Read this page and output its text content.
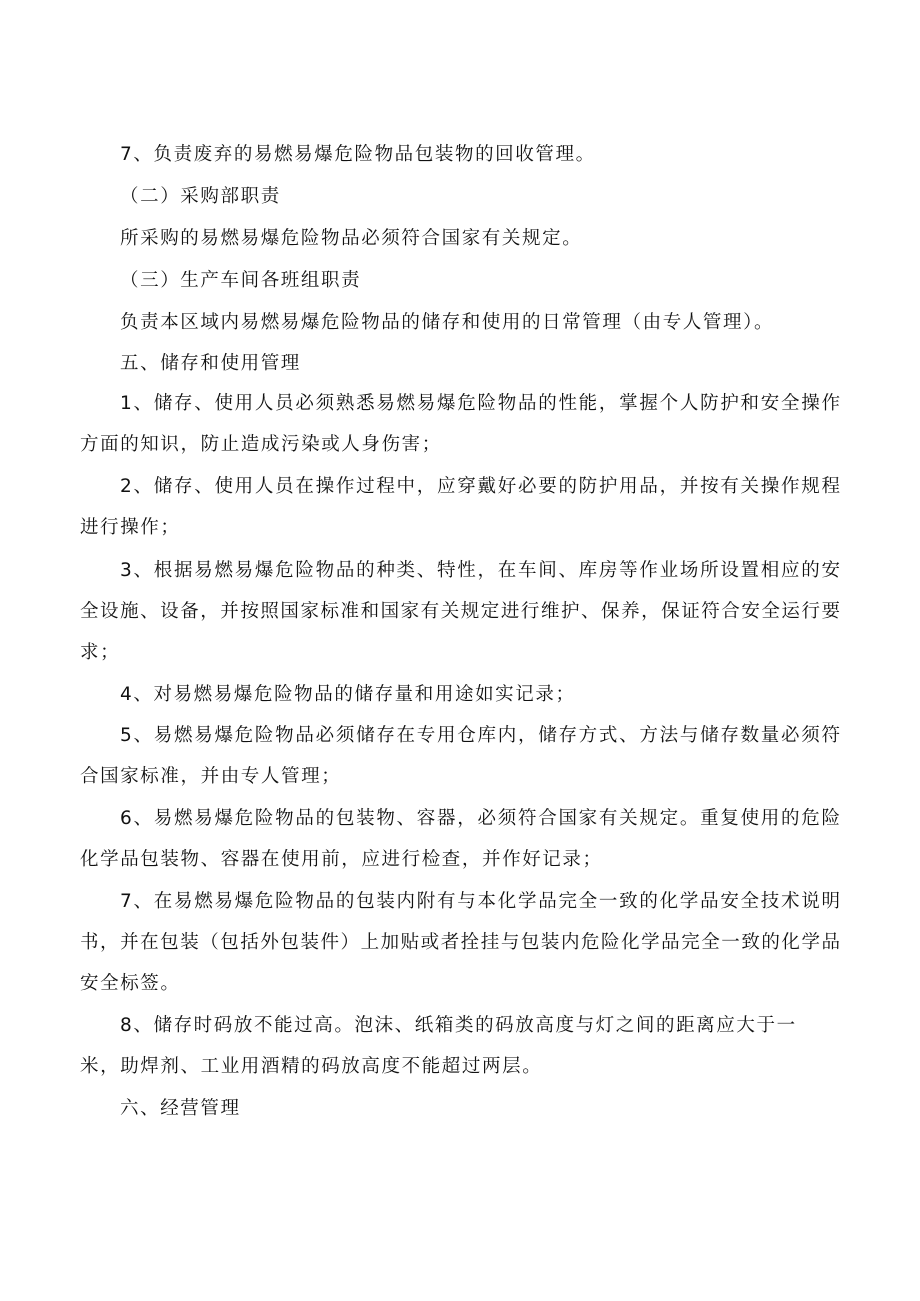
7、负责废弃的易燃易爆危险物品包装物的回收管理。
（二）采购部职责
所采购的易燃易爆危险物品必须符合国家有关规定。
（三）生产车间各班组职责
负责本区域内易燃易爆危险物品的储存和使用的日常管理（由专人管理）。
五、储存和使用管理
1、储存、使用人员必须熟悉易燃易爆危险物品的性能，掌握个人防护和安全操作
方面的知识，防止造成污染或人身伤害；
2、储存、使用人员在操作过程中，应穿戴好必要的防护用品，并按有关操作规程
进行操作；
3、根据易燃易爆危险物品的种类、特性，在车间、库房等作业场所设置相应的安
全设施、设备，并按照国家标准和国家有关规定进行维护、保养，保证符合安全运行要
求；
4、对易燃易爆危险物品的储存量和用途如实记录；
5、易燃易爆危险物品必须储存在专用仓库内，储存方式、方法与储存数量必须符
合国家标准，并由专人管理；
6、易燃易爆危险物品的包装物、容器，必须符合国家有关规定。重复使用的危险
化学品包装物、容器在使用前，应进行检查，并作好记录；
7、在易燃易爆危险物品的包装内附有与本化学品完全一致的化学品安全技术说明
书，并在包装（包括外包装件）上加贴或者拴挂与包装内危险化学品完全一致的化学品
安全标签。
8、储存时码放不能过高。泡沫、纸箱类的码放高度与灯之间的距离应大于一
米，助焊剂、工业用酒精的码放高度不能超过两层。
六、经营管理
